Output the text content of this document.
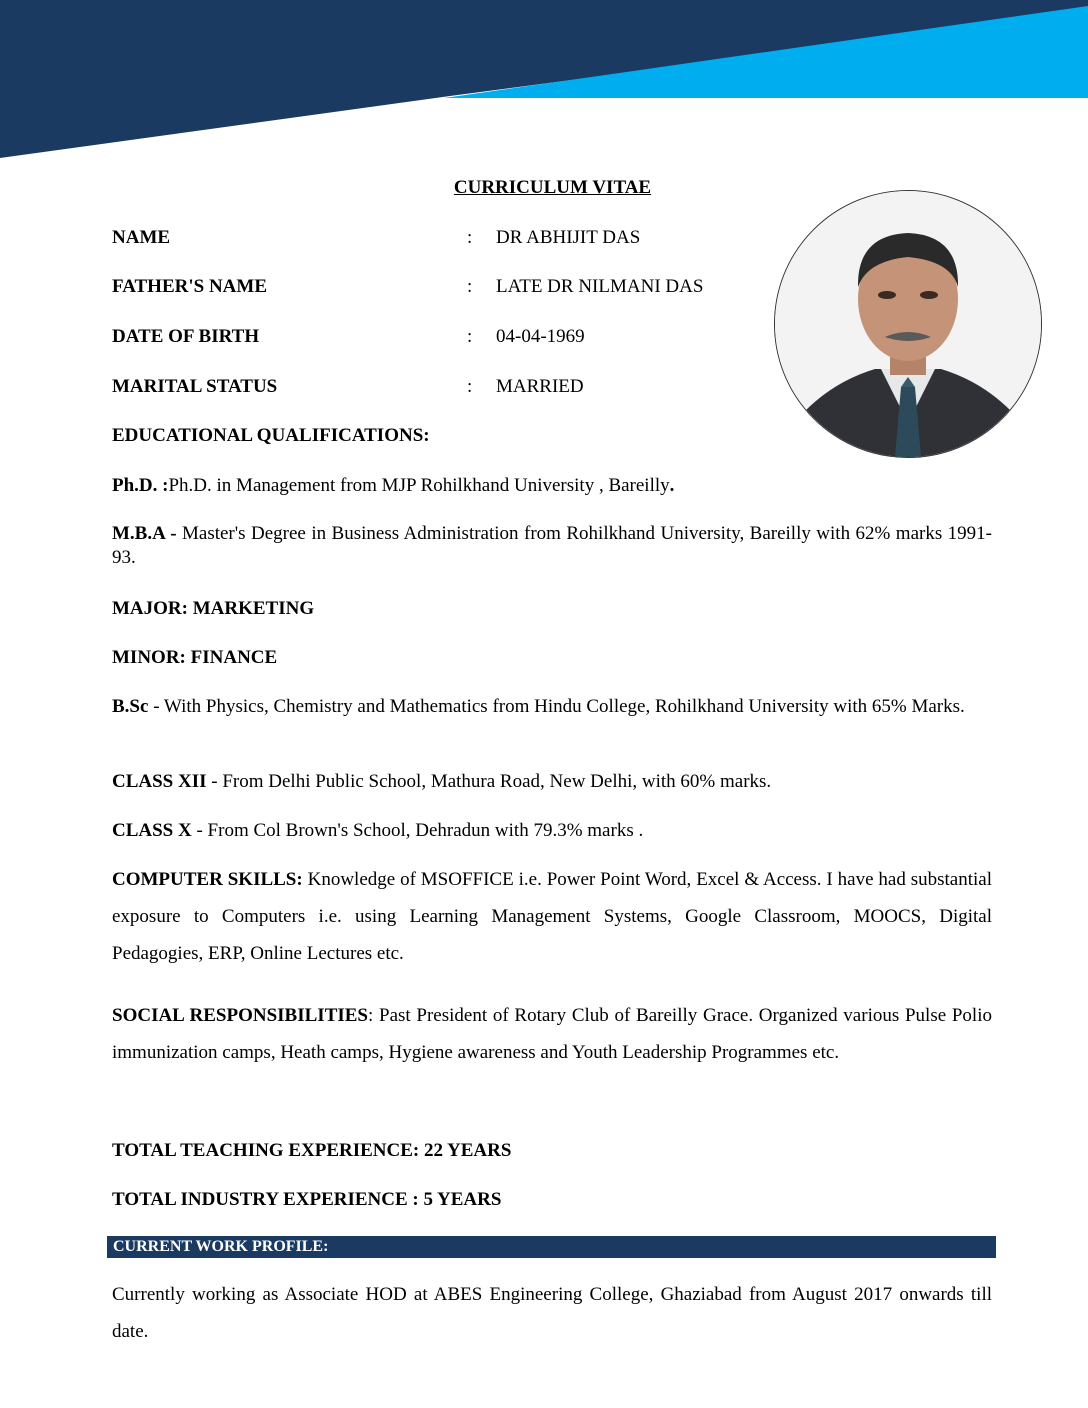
CURRICULUM VITAE
NAME	:	DR ABHIJIT DAS
FATHER'S NAME	:	LATE DR NILMANI DAS
DATE OF BIRTH	:	04-04-1969
MARITAL STATUS	:	MARRIED
EDUCATIONAL QUALIFICATIONS:
Ph.D. :Ph.D. in Management from MJP Rohilkhand University , Bareilly.
M.B.A - Master's Degree in Business Administration from Rohilkhand University, Bareilly with 62% marks 1991-93.
MAJOR: MARKETING
MINOR: FINANCE
B.Sc - With Physics, Chemistry and Mathematics from Hindu College, Rohilkhand University with 65% Marks.
CLASS XII - From Delhi Public School, Mathura Road, New Delhi, with 60% marks.
CLASS X - From Col Brown's School, Dehradun with 79.3% marks .
COMPUTER SKILLS: Knowledge of MSOFFICE i.e. Power Point Word, Excel & Access. I have had substantial exposure to Computers i.e. using Learning Management Systems, Google Classroom, MOOCS, Digital Pedagogies, ERP, Online Lectures etc.
SOCIAL RESPONSIBILITIES: Past President of Rotary Club of Bareilly Grace. Organized various Pulse Polio immunization camps, Heath camps, Hygiene awareness and Youth Leadership Programmes etc.
TOTAL TEACHING EXPERIENCE: 22 YEARS
TOTAL INDUSTRY EXPERIENCE : 5 YEARS
CURRENT WORK PROFILE:
Currently working as Associate HOD at ABES Engineering College, Ghaziabad from August 2017 onwards till date.
